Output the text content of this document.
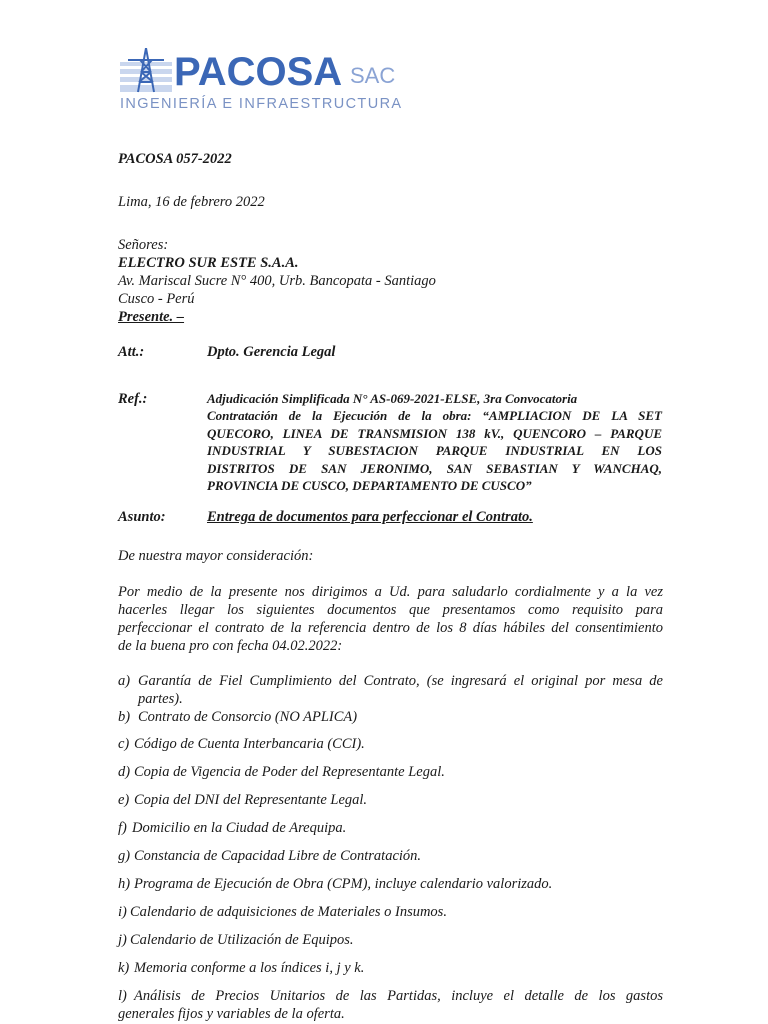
PACOSA SAC
INGENIERÍA E INFRAESTRUCTURA
PACOSA 057-2022
Lima, 16 de febrero 2022
Señores:
ELECTRO SUR ESTE S.A.A.
Av. Mariscal Sucre N° 400, Urb. Bancopata - Santiago
Cusco - Perú
Presente. –
Att.:	Dpto. Gerencia Legal
Ref.:	Adjudicación Simplificada N° AS-069-2021-ELSE, 3ra Convocatoria
Contratación de la Ejecución de la obra: “AMPLIACION DE LA SET
QUECORO, LINEA DE TRANSMISION 138 kV., QUENCORO – PARQUE
INDUSTRIAL Y SUBESTACION PARQUE INDUSTRIAL EN LOS
DISTRITOS DE SAN JERONIMO, SAN SEBASTIAN Y WANCHAQ,
PROVINCIA DE CUSCO, DEPARTAMENTO DE CUSCO”
Asunto:	Entrega de documentos para perfeccionar el Contrato.
De nuestra mayor consideración:
Por medio de la presente nos dirigimos a Ud. para saludarlo cordialmente y a la vez
hacerles llegar los siguientes documentos que presentamos como requisito para
perfeccionar el contrato de la referencia dentro de los 8 días hábiles del consentimiento
de la buena pro con fecha 04.02.2022:
a) Garantía de Fiel Cumplimiento del Contrato, (se ingresará el original por mesa de
partes).
b) Contrato de Consorcio (NO APLICA)
c) Código de Cuenta Interbancaria (CCI).
d) Copia de Vigencia de Poder del Representante Legal.
e) Copia del DNI del Representante Legal.
f) Domicilio en la Ciudad de Arequipa.
g) Constancia de Capacidad Libre de Contratación.
h) Programa de Ejecución de Obra (CPM), incluye calendario valorizado.
i) Calendario de adquisiciones de Materiales o Insumos.
j) Calendario de Utilización de Equipos.
k) Memoria conforme a los índices i, j y k.
l) Análisis de Precios Unitarios de las Partidas, incluye el detalle de los gastos
generales fijos y variables de la oferta.
